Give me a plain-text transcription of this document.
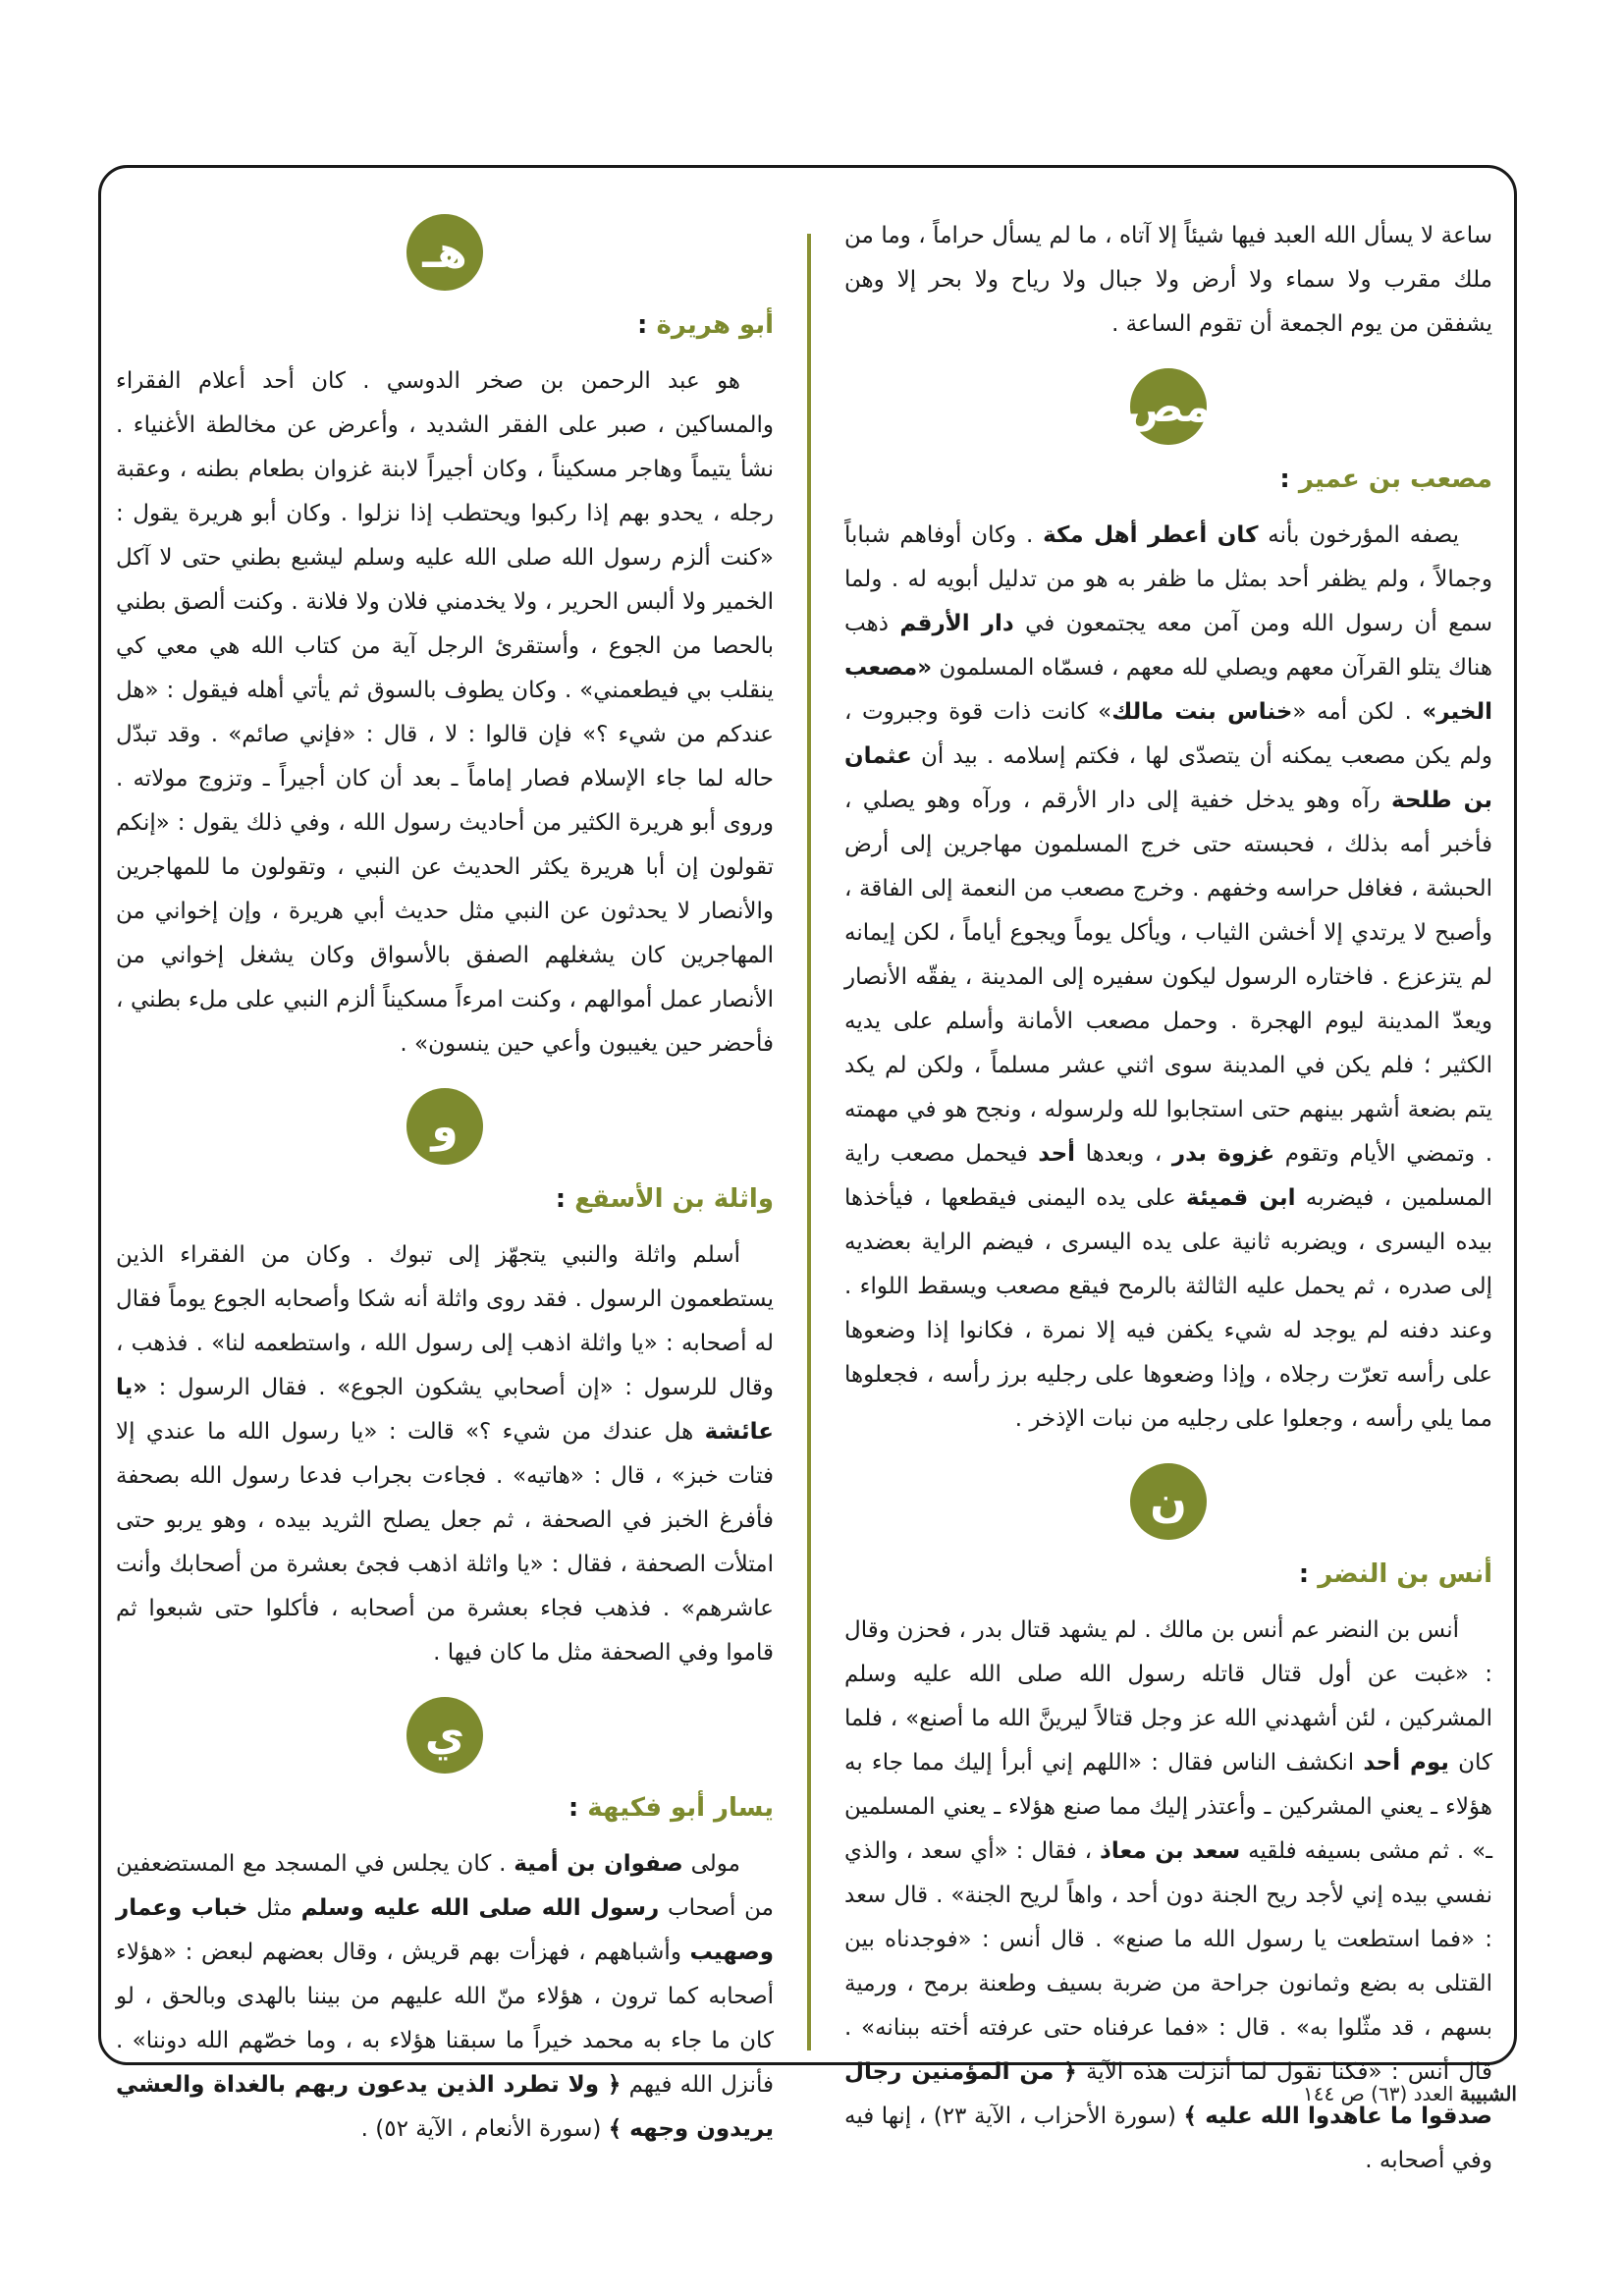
ساعة لا يسأل الله العبد فيها شيئاً إلا آتاه ، ما لم يسأل حراماً ، وما من ملك مقرب ولا سماء ولا أرض ولا جبال ولا رياح ولا بحر إلا وهن يشفقن من يوم الجمعة أن تقوم الساعة .

مص
مصعب بن عمير :

يصفه المؤرخون بأنه كان أعطر أهل مكة . وكان أوفاهم شباباً وجمالاً ، ولم يظفر أحد بمثل ما ظفر به هو من تدليل أبويه له . ولما سمع أن رسول الله ومن آمن معه يجتمعون في دار الأرقم ذهب هناك يتلو القرآن معهم ويصلي لله معهم ، فسمّاه المسلمون «مصعب الخير» . لكن أمه «خناس بنت مالك» كانت ذات قوة وجبروت ، ولم يكن مصعب يمكنه أن يتصدّى لها ، فكتم إسلامه . بيد أن عثمان بن طلحة رآه وهو يدخل خفية إلى دار الأرقم ، ورآه وهو يصلي ، فأخبر أمه بذلك ، فحبسته حتى خرج المسلمون مهاجرين إلى أرض الحبشة ، فغافل حراسه وخفهم . وخرج مصعب من النعمة إلى الفاقة ، وأصبح لا يرتدي إلا أخشن الثياب ، ويأكل يوماً ويجوع أياماً ، لكن إيمانه لم يتزعزع . فاختاره الرسول ليكون سفيره إلى المدينة ، يفقّه الأنصار ويعدّ المدينة ليوم الهجرة . وحمل مصعب الأمانة وأسلم على يديه الكثير ؛ فلم يكن في المدينة سوى اثني عشر مسلماً ، ولكن لم يكد يتم بضعة أشهر بينهم حتى استجابوا لله ولرسوله ، ونجح هو في مهمته . وتمضي الأيام وتقوم غزوة بدر ، وبعدها أحد فيحمل مصعب راية المسلمين ، فيضربه ابن قميئة على يده اليمنى فيقطعها ، فيأخذها بيده اليسرى ، ويضربه ثانية على يده اليسرى ، فيضم الراية بعضديه إلى صدره ، ثم يحمل عليه الثالثة بالرمح فيقع مصعب ويسقط اللواء . وعند دفنه لم يوجد له شيء يكفن فيه إلا نمرة ، فكانوا إذا وضعوها على رأسه تعرّت رجلاه ، وإذا وضعوها على رجليه برز رأسه ، فجعلوها مما يلي رأسه ، وجعلوا على رجليه من نبات الإذخر .

ن
أنس بن النضر :

أنس بن النضر عم أنس بن مالك . لم يشهد قتال بدر ، فحزن وقال : «غبت عن أول قتال قاتله رسول الله صلى الله عليه وسلم المشركين ، لئن أشهدني الله عز وجل قتالاً ليرينَّ الله ما أصنع» ، فلما كان يوم أحد انكشف الناس فقال : «اللهم إني أبرأ إليك مما جاء به هؤلاء ـ يعني المشركين ـ وأعتذر إليك مما صنع هؤلاء ـ يعني المسلمين ـ» . ثم مشى بسيفه فلقيه سعد بن معاذ ، فقال : «أي سعد ، والذي نفسي بيده إني لأجد ريح الجنة دون أحد ، واهاً لريح الجنة» . قال سعد : «فما استطعت يا رسول الله ما صنع» . قال أنس : «فوجدناه بين القتلى به بضع وثمانون جراحة من ضربة بسيف وطعنة برمح ، ورمية بسهم ، قد مثّلوا به» . قال : «فما عرفناه حتى عرفته أخته ببنانه» . قال أنس : «فكنا نقول لما أنزلت هذه الآية ﴿ من المؤمنين رجال صدقوا ما عاهدوا الله عليه ﴾ (سورة الأحزاب ، الآية ٢٣) ، إنها فيه وفي أصحابه .

هـ
أبو هريرة :

هو عبد الرحمن بن صخر الدوسي . كان أحد أعلام الفقراء والمساكين ، صبر على الفقر الشديد ، وأعرض عن مخالطة الأغنياء . نشأ يتيماً وهاجر مسكيناً ، وكان أجيراً لابنة غزوان بطعام بطنه ، وعقبة رجله ، يحدو بهم إذا ركبوا ويحتطب إذا نزلوا . وكان أبو هريرة يقول : «كنت ألزم رسول الله صلى الله عليه وسلم ليشبع بطني حتى لا آكل الخمير ولا ألبس الحرير ، ولا يخدمني فلان ولا فلانة . وكنت ألصق بطني بالحصا من الجوع ، وأستقرئ الرجل آية من كتاب الله هي معي كي ينقلب بي فيطعمني» . وكان يطوف بالسوق ثم يأتي أهله فيقول : «هل عندكم من شيء ؟» فإن قالوا : لا ، قال : «فإني صائم» . وقد تبدّل حاله لما جاء الإسلام فصار إماماً ـ بعد أن كان أجيراً ـ وتزوج مولاته . وروى أبو هريرة الكثير من أحاديث رسول الله ، وفي ذلك يقول : «إنكم تقولون إن أبا هريرة يكثر الحديث عن النبي ، وتقولون ما للمهاجرين والأنصار لا يحدثون عن النبي مثل حديث أبي هريرة ، وإن إخواني من المهاجرين كان يشغلهم الصفق بالأسواق وكان يشغل إخواني من الأنصار عمل أموالهم ، وكنت امرءاً مسكيناً ألزم النبي على ملء بطني ، فأحضر حين يغيبون وأعي حين ينسون» .

و
واثلة بن الأسقع :

أسلم واثلة والنبي يتجهّز إلى تبوك . وكان من الفقراء الذين يستطعمون الرسول . فقد روى واثلة أنه شكا وأصحابه الجوع يوماً فقال له أصحابه : «يا واثلة اذهب إلى رسول الله ، واستطعمه لنا» . فذهب ، وقال للرسول : «إن أصحابي يشكون الجوع» . فقال الرسول : «يا عائشة هل عندك من شيء ؟» قالت : «يا رسول الله ما عندي إلا فتات خبز» ، قال : «هاتيه» . فجاءت بجراب فدعا رسول الله بصحفة فأفرغ الخبز في الصحفة ، ثم جعل يصلح الثريد بيده ، وهو يربو حتى امتلأت الصحفة ، فقال : «يا واثلة اذهب فجئ بعشرة من أصحابك وأنت عاشرهم» . فذهب فجاء بعشرة من أصحابه ، فأكلوا حتى شبعوا ثم قاموا وفي الصحفة مثل ما كان فيها .

ي
يسار أبو فكيهة :

مولى صفوان بن أمية . كان يجلس في المسجد مع المستضعفين من أصحاب رسول الله صلى الله عليه وسلم مثل خباب وعمار وصهيب وأشباههم ، فهزأت بهم قريش ، وقال بعضهم لبعض : «هؤلاء أصحابه كما ترون ، هؤلاء منّ الله عليهم من بيننا بالهدى وبالحق ، لو كان ما جاء به محمد خيراً ما سبقنا هؤلاء به ، وما خصّهم الله دوننا» . فأنزل الله فيهم ﴿ ولا تطرد الذين يدعون ربهم بالغداة والعشي يريدون وجهه ﴾ (سورة الأنعام ، الآية ٥٢) .

الشبيبة العدد (٦٣) ص ١٤٤
